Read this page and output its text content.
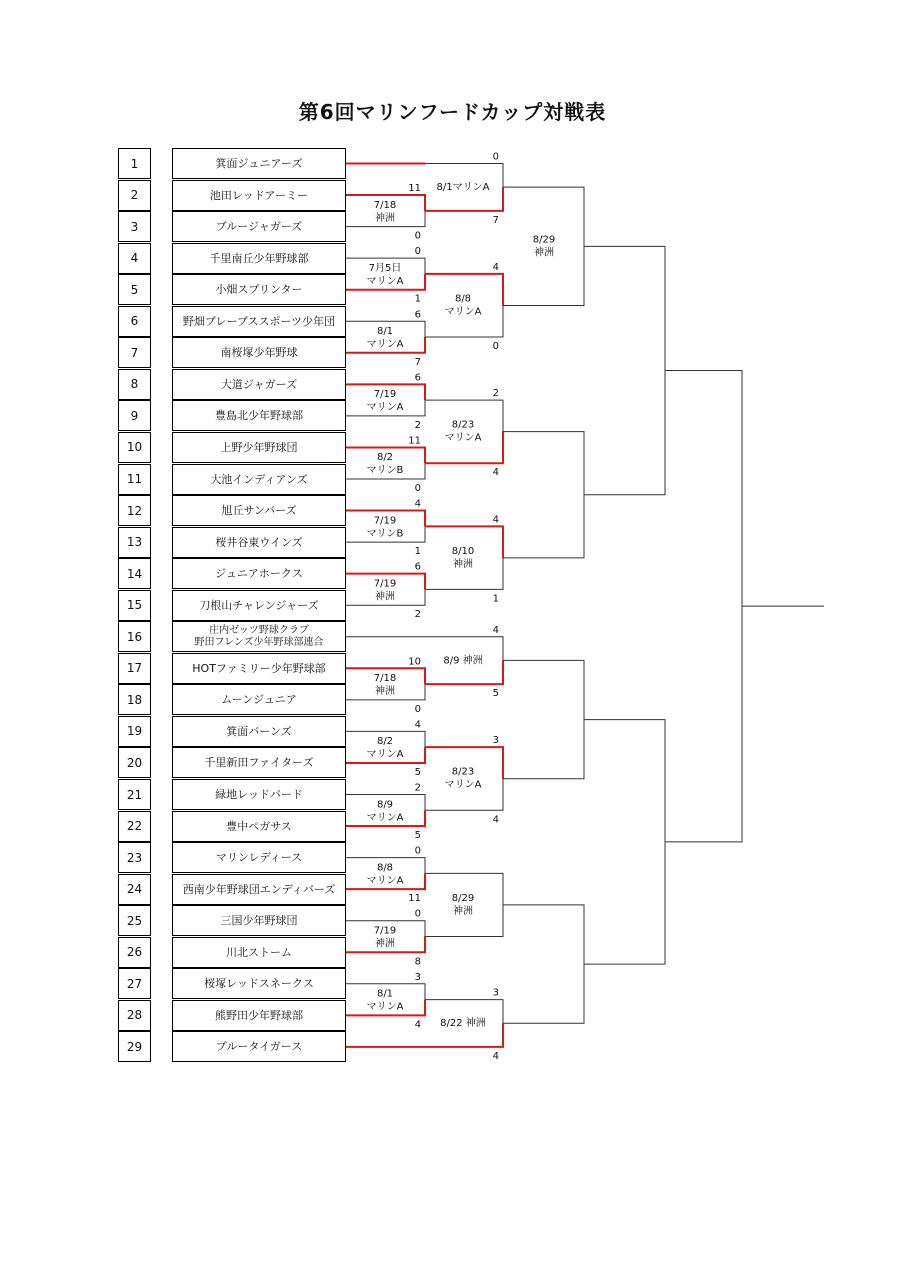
第6回マリンフードカップ対戦表
1	箕面ジュニアーズ
2	池田レッドアーミー
3	ブルージャガーズ
4	千里南丘少年野球部
5	小畑スプリンター
6	野畑ブレーブススポーツ少年団
7	南桜塚少年野球
8	大道ジャガーズ
9	豊島北少年野球部
10	上野少年野球団
11	大池インディアンズ
12	旭丘サンバーズ
13	桜井谷東ウインズ
14	ジュニアホークス
15	刀根山チャレンジャーズ
16	庄内ゼッツ野球クラブ
野田フレンズ少年野球部連合
17	HOTファミリー少年野球部
18	ムーンジュニア
19	箕面バーンズ
20	千里新田ファイターズ
21	緑地レッドバード
22	豊中ペガサス
23	マリンレディース
24	西南少年野球団エンディバーズ
25	三国少年野球団
26	川北ストーム
27	桜塚レッドスネークス
28	熊野田少年野球部
29	ブルータイガース
7/18
神洲
11
0
7月5日
マリンA
0
1
8/1
マリンA
6
7
7/19
マリンA
6
2
8/2
マリンB
11
0
7/19
マリンB
4
1
7/19
神洲
6
2
7/18
神洲
10
0
8/2
マリンA
4
5
8/9
マリンA
2
5
8/8
マリンA
0
11
7/19
神洲
0
8
8/1
マリンA
3
4
8/1マリンA
0
7
8/8
マリンA
4
0
8/23
マリンA
2
4
8/10
神洲
4
1
8/9 神洲
4
5
8/23
マリンA
3
4
8/29
神洲
8/22 神洲
3
4
8/29
神洲
